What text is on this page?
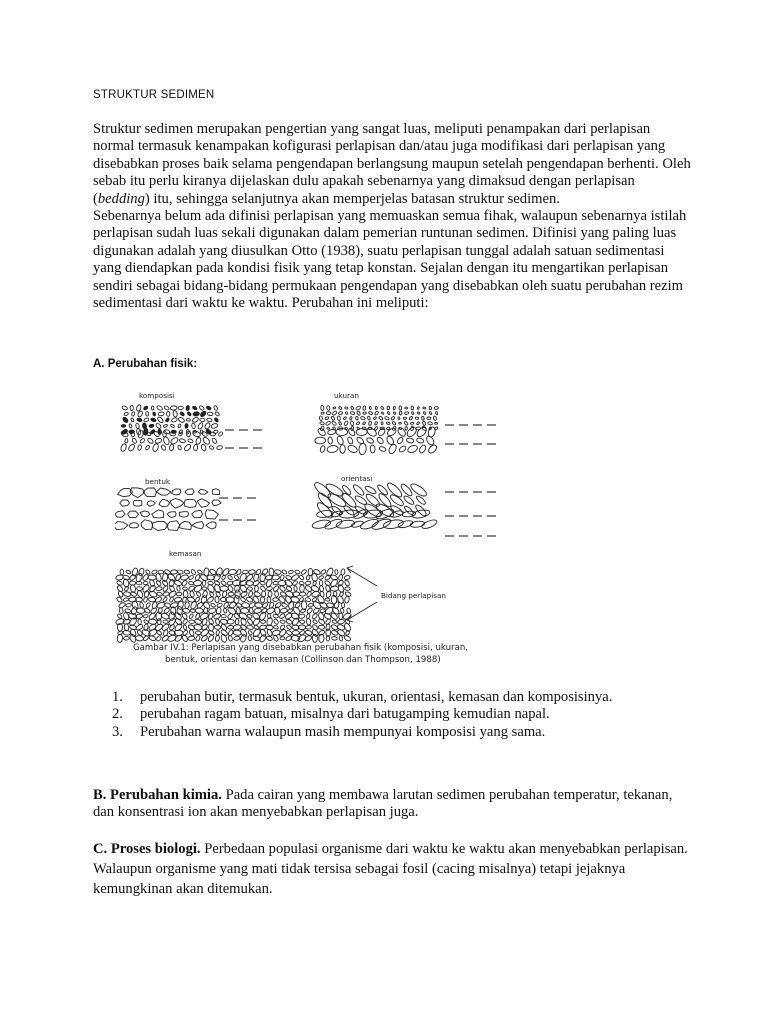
STRUKTUR SEDIMEN

Struktur sedimen merupakan pengertian yang sangat luas, meliputi penampakan dari perlapisan normal termasuk kenampakan kofigurasi perlapisan dan/atau juga modifikasi dari perlapisan yang disebabkan proses baik selama pengendapan berlangsung maupun setelah pengendapan berhenti. Oleh sebab itu perlu kiranya dijelaskan dulu apakah sebenarnya yang dimaksud dengan perlapisan (bedding) itu, sehingga selanjutnya akan memperjelas batasan struktur sedimen.

Sebenarnya belum ada difinisi perlapisan yang memuaskan semua fihak, walaupun sebenarnya istilah perlapisan sudah luas sekali digunakan dalam pemerian runtunan sedimen. Difinisi yang paling luas digunakan adalah yang diusulkan Otto (1938), suatu perlapisan tunggal adalah satuan sedimentasi yang diendapkan pada kondisi fisik yang tetap konstan. Sejalan dengan itu mengartikan perlapisan sendiri sebagai bidang-bidang permukaan pengendapan yang disebabkan oleh suatu perubahan rezim sedimentasi dari waktu ke waktu. Perubahan ini meliputi:

A. Perubahan fisik:
komposisi	ukuran
bentuk	orientasi
kemasan
Bidang perlapisan
Gambar IV.1: Perlapisan yang disebabkan perubahan fisik (komposisi, ukuran,
bentuk, orientasi dan kemasan (Collinson dan Thompson, 1988)
1. perubahan butir, termasuk bentuk, ukuran, orientasi, kemasan dan komposisinya.
2. perubahan ragam batuan, misalnya dari batugamping kemudian napal.
3. Perubahan warna walaupun masih mempunyai komposisi yang sama.
B. Perubahan kimia. Pada cairan yang membawa larutan sedimen perubahan temperatur, tekanan, dan konsentrasi ion akan menyebabkan perlapisan juga.
C. Proses biologi. Perbedaan populasi organisme dari waktu ke waktu akan menyebabkan perlapisan. Walaupun organisme yang mati tidak tersisa sebagai fosil (cacing misalnya) tetapi jejaknya kemungkinan akan ditemukan.
